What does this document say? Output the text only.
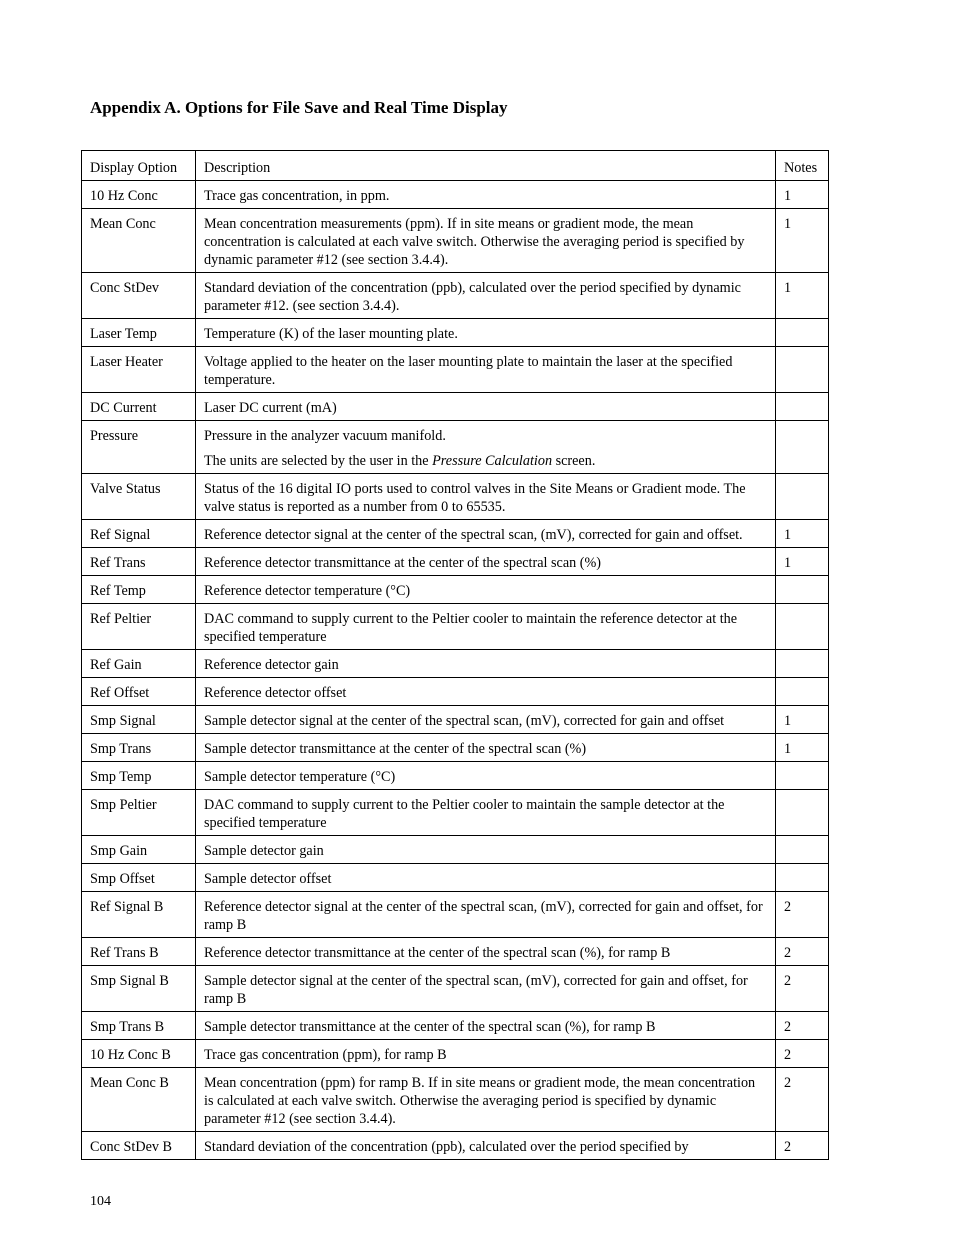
Appendix A. Options for File Save and Real Time Display
Display Option	Description	Notes
10 Hz Conc	Trace gas concentration, in ppm.	1
Mean Conc	Mean concentration measurements (ppm). If in site means or gradient mode, the mean concentration is calculated at each valve switch. Otherwise the averaging period is specified by dynamic parameter #12 (see section 3.4.4).	1
Conc StDev	Standard deviation of the concentration (ppb), calculated over the period specified by dynamic parameter #12. (see section 3.4.4).	1
Laser Temp	Temperature (K) of the laser mounting plate.	
Laser Heater	Voltage applied to the heater on the laser mounting plate to maintain the laser at the specified temperature.	
DC Current	Laser DC current (mA)	
Pressure	Pressure in the analyzer vacuum manifold.

The units are selected by the user in the Pressure Calculation screen.	

Valve Status	Status of the 16 digital IO ports used to control valves in the Site Means or Gradient mode. The valve status is reported as a number from 0 to 65535.	
Ref Signal	Reference detector signal at the center of the spectral scan, (mV), corrected for gain and offset.	1
Ref Trans	Reference detector transmittance at the center of the spectral scan (%)	1
Ref Temp	Reference detector temperature (°C)	
Ref Peltier	DAC command to supply current to the Peltier cooler to maintain the reference detector at the specified temperature	
Ref Gain	Reference detector gain	
Ref Offset	Reference detector offset	
Smp Signal	Sample detector signal at the center of the spectral scan, (mV), corrected for gain and offset	1
Smp Trans	Sample detector transmittance at the center of the spectral scan (%)	1
Smp Temp	Sample detector temperature (°C)	
Smp Peltier	DAC command to supply current to the Peltier cooler to maintain the sample detector at the specified temperature	
Smp Gain	Sample detector gain	
Smp Offset	Sample detector offset	
Ref Signal B	Reference detector signal at the center of the spectral scan, (mV), corrected for gain and offset, for ramp B	2
Ref Trans B	Reference detector transmittance at the center of the spectral scan (%), for ramp B	2
Smp Signal B	Sample detector signal at the center of the spectral scan, (mV), corrected for gain and offset, for ramp B	2
Smp Trans B	Sample detector transmittance at the center of the spectral scan (%), for ramp B	2
10 Hz Conc B	Trace gas concentration (ppm), for ramp B	2
Mean Conc B	Mean concentration (ppm) for ramp B. If in site means or gradient mode, the mean concentration is calculated at each valve switch. Otherwise the averaging period is specified by dynamic parameter #12 (see section 3.4.4).	2
Conc StDev B	Standard deviation of the concentration (ppb), calculated over the period specified by	2
104
